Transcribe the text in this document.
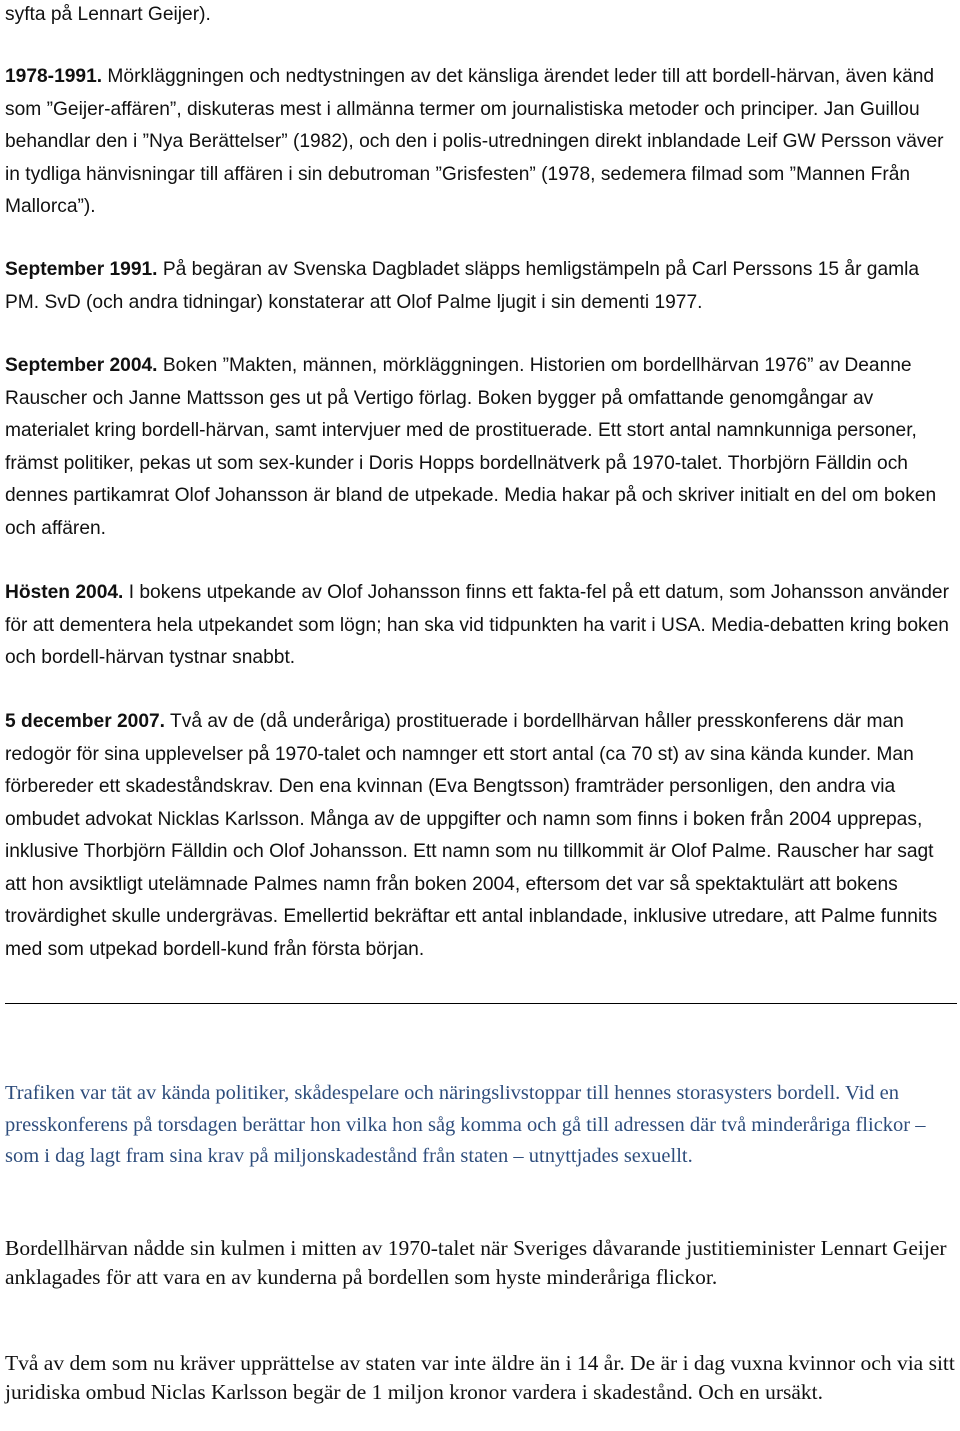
syfta på Lennart Geijer).

1978-1991. Mörkläggningen och nedtystningen av det känsliga ärendet leder till att bordell-härvan, även känd som ”Geijer-affären”, diskuteras mest i allmänna termer om journalistiska metoder och principer. Jan Guillou behandlar den i ”Nya Berättelser” (1982), och den i polis-utredningen direkt inblandade Leif GW Persson väver in tydliga hänvisningar till affären i sin debutroman ”Grisfesten” (1978, sedemera filmad som ”Mannen Från Mallorca”).

September 1991. På begäran av Svenska Dagbladet släpps hemligstämpeln på Carl Perssons 15 år gamla PM. SvD (och andra tidningar) konstaterar att Olof Palme ljugit i sin dementi 1977.

September 2004. Boken ”Makten, männen, mörkläggningen. Historien om bordellhärvan 1976” av Deanne Rauscher och Janne Mattsson ges ut på Vertigo förlag. Boken bygger på omfattande genomgångar av materialet kring bordell-härvan, samt intervjuer med de prostituerade. Ett stort antal namnkunniga personer, främst politiker, pekas ut som sex-kunder i Doris Hopps bordellnätverk på 1970-talet. Thorbjörn Fälldin och dennes partikamrat Olof Johansson är bland de utpekade. Media hakar på och skriver initialt en del om boken och affären.

Hösten 2004. I bokens utpekande av Olof Johansson finns ett fakta-fel på ett datum, som Johansson använder för att dementera hela utpekandet som lögn; han ska vid tidpunkten ha varit i USA. Media-debatten kring boken och bordell-härvan tystnar snabbt.

5 december 2007. Två av de (då underåriga) prostituerade i bordellhärvan håller presskonferens där man redogör för sina upplevelser på 1970-talet och namnger ett stort antal (ca 70 st) av sina kända kunder. Man förbereder ett skadeståndskrav. Den ena kvinnan (Eva Bengtsson) framträder personligen, den andra via ombudet advokat Nicklas Karlsson. Många av de uppgifter och namn som finns i boken från 2004 upprepas, inklusive Thorbjörn Fälldin och Olof Johansson. Ett namn som nu tillkommit är Olof Palme. Rauscher har sagt att hon avsiktligt utelämnade Palmes namn från boken 2004, eftersom det var så spektaktulärt att bokens trovärdighet skulle undergrävas. Emellertid bekräftar ett antal inblandade, inklusive utredare, att Palme funnits med som utpekad bordell-kund från första början.

Trafiken var tät av kända politiker, skådespelare och näringslivstoppar till hennes storasysters bordell. Vid en presskonferens på torsdagen berättar hon vilka hon såg komma och gå till adressen där två minderåriga flickor – som i dag lagt fram sina krav på miljonskadestånd från staten – utnyttjades sexuellt.

Bordellhärvan nådde sin kulmen i mitten av 1970-talet när Sveriges dåvarande justitieminister Lennart Geijer anklagades för att vara en av kunderna på bordellen som hyste minderåriga flickor.

Två av dem som nu kräver upprättelse av staten var inte äldre än i 14 år. De är i dag vuxna kvinnor och via sitt juridiska ombud Niclas Karlsson begär de 1 miljon kronor vardera i skadestånd. Och en ursäkt.
